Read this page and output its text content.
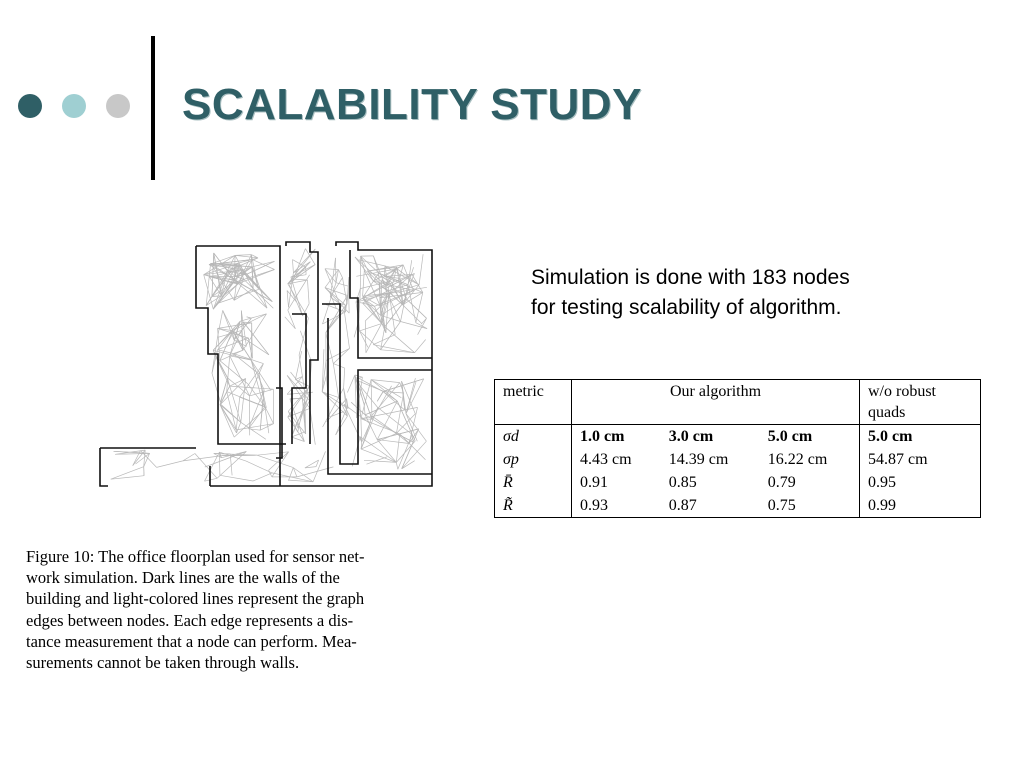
SCALABILITY STUDY
Simulation is done with 183 nodes
for testing scalability of algorithm.
metric	Our algorithm			w/o robust
quads
σd	1.0 cm	3.0 cm	5.0 cm	5.0 cm
σp	4.43 cm	14.39 cm	16.22 cm	54.87 cm
R̄	0.91	0.85	0.79	0.95
R̃	0.93	0.87	0.75	0.99
Figure 10: The office floorplan used for sensor net-
work simulation. Dark lines are the walls of the
building and light-colored lines represent the graph
edges between nodes. Each edge represents a dis-
tance measurement that a node can perform. Mea-
surements cannot be taken through walls.
